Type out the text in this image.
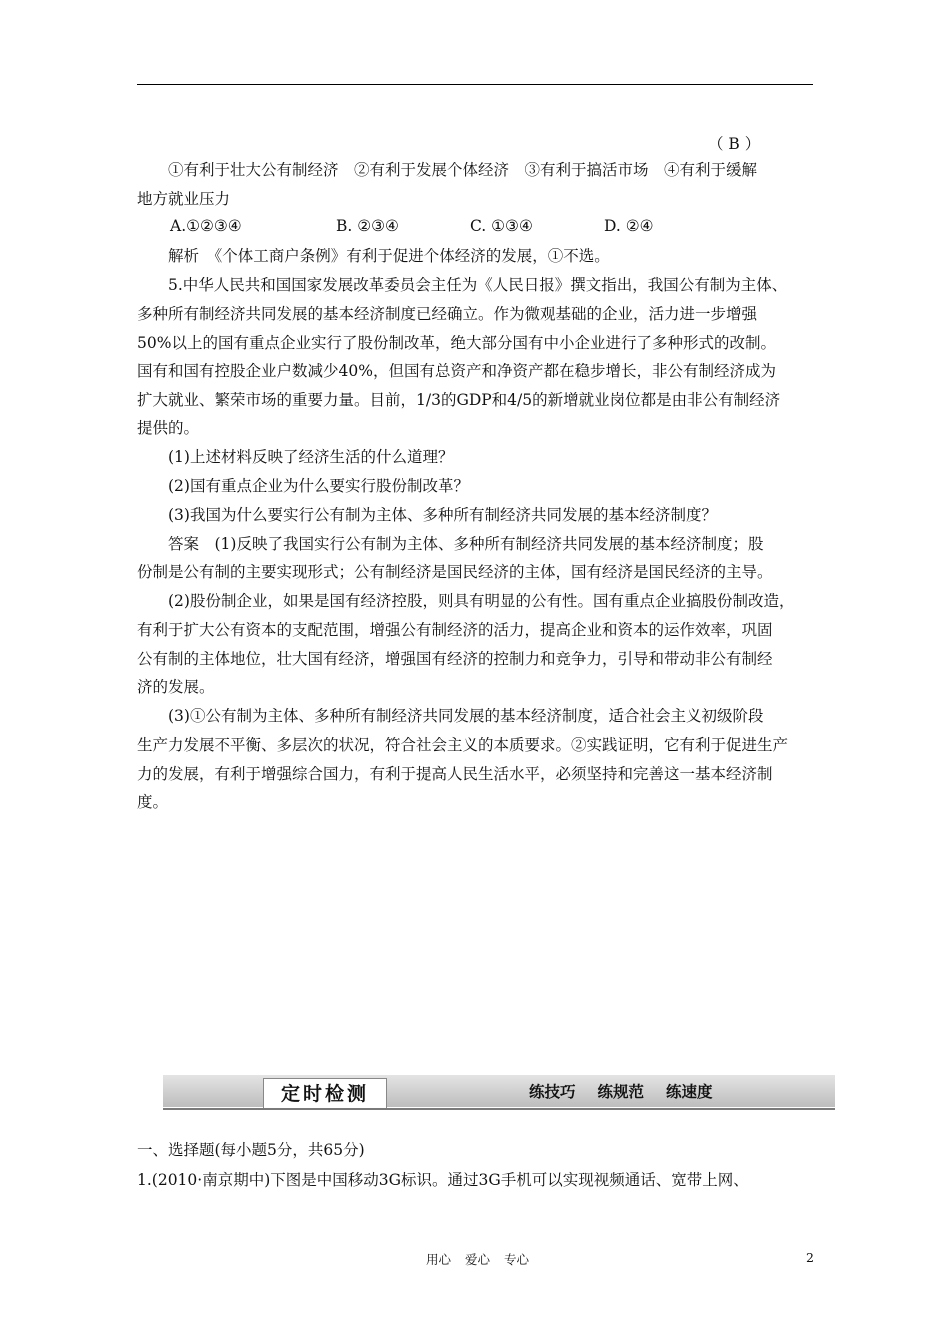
（ B ）
①有利于壮大公有制经济　②有利于发展个体经济　③有利于搞活市场　④有利于缓解
地方就业压力
A.①②③④	B. ②③④	C. ①③④	D. ②④
解析　《个体工商户条例》有利于促进个体经济的发展，①不选。
5.中华人民共和国国家发展改革委员会主任为《人民日报》撰文指出，我国公有制为主体、
多种所有制经济共同发展的基本经济制度已经确立。作为微观基础的企业，活力进一步增强
50%以上的国有重点企业实行了股份制改革，绝大部分国有中小企业进行了多种形式的改制。
国有和国有控股企业户数减少40%，但国有总资产和净资产都在稳步增长，非公有制经济成为
扩大就业、繁荣市场的重要力量。目前，1/3的GDP和4/5的新增就业岗位都是由非公有制经济
提供的。
(1)上述材料反映了经济生活的什么道理？
(2)国有重点企业为什么要实行股份制改革？
(3)我国为什么要实行公有制为主体、多种所有制经济共同发展的基本经济制度？
答案　(1)反映了我国实行公有制为主体、多种所有制经济共同发展的基本经济制度；股
份制是公有制的主要实现形式；公有制经济是国民经济的主体，国有经济是国民经济的主导。
(2)股份制企业，如果是国有经济控股，则具有明显的公有性。国有重点企业搞股份制改造，
有利于扩大公有资本的支配范围，增强公有制经济的活力，提高企业和资本的运作效率，巩固
公有制的主体地位，壮大国有经济，增强国有经济的控制力和竞争力，引导和带动非公有制经
济的发展。
(3)①公有制为主体、多种所有制经济共同发展的基本经济制度，适合社会主义初级阶段
生产力发展不平衡、多层次的状况，符合社会主义的本质要求。②实践证明，它有利于促进生产
力的发展，有利于增强综合国力，有利于提高人民生活水平，必须坚持和完善这一基本经济制
度。
定时检测	练技巧 练规范 练速度
一、选择题(每小题5分，共65分)
1.(2010·南京期中)下图是中国移动3G标识。通过3G手机可以实现视频通话、宽带上网、
用心 爱心 专心	2
